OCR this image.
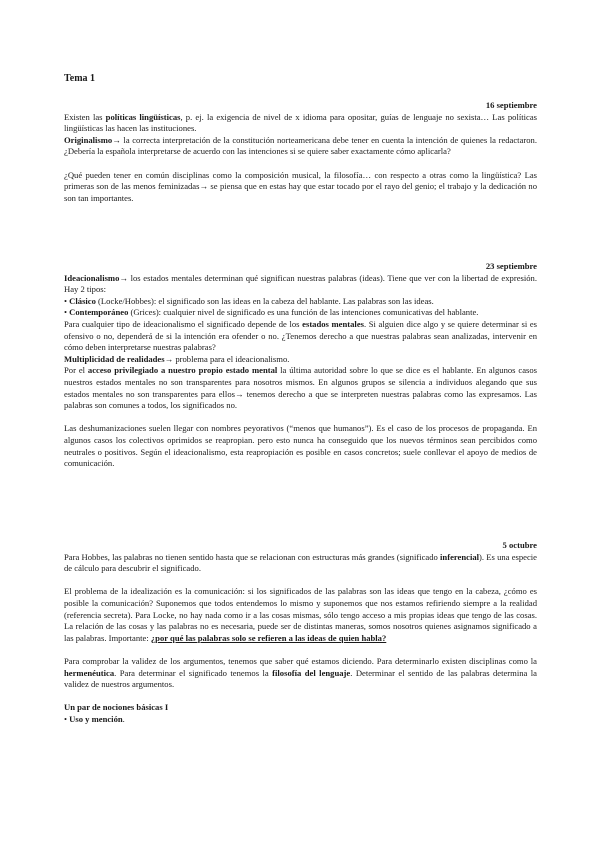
Tema 1

16 septiembre

Existen las políticas lingüísticas, p. ej. la exigencia de nivel de x idioma para opositar, guías de lenguaje no sexista… Las políticas lingüísticas las hacen las instituciones.

Originalismo→ la correcta interpretación de la constitución norteamericana debe tener en cuenta la intención de quienes la redactaron. ¿Debería la española interpretarse de acuerdo con las intenciones si se quiere saber exactamente cómo aplicarla?

¿Qué pueden tener en común disciplinas como la composición musical, la filosofía… con respecto a otras como la lingüística? Las primeras son de las menos feminizadas→ se piensa que en estas hay que estar tocado por el rayo del genio; el trabajo y la dedicación no son tan importantes.

23 septiembre

Ideacionalismo→ los estados mentales determinan qué significan nuestras palabras (ideas). Tiene que ver con la libertad de expresión. Hay 2 tipos:

• Clásico (Locke/Hobbes): el significado son las ideas en la cabeza del hablante. Las palabras son las ideas.

• Contemporáneo (Grices): cualquier nivel de significado es una función de las intenciones comunicativas del hablante.

Para cualquier tipo de ideacionalismo el significado depende de los estados mentales. Si alguien dice algo y se quiere determinar si es ofensivo o no, dependerá de si la intención era ofender o no. ¿Tenemos derecho a que nuestras palabras sean analizadas, intervenir en cómo deben interpretarse nuestras palabras?

Multiplicidad de realidades→ problema para el ideacionalismo.

Por el acceso privilegiado a nuestro propio estado mental la última autoridad sobre lo que se dice es el hablante. En algunos casos nuestros estados mentales no son transparentes para nosotros mismos. En algunos grupos se silencia a individuos alegando que sus estados mentales no son transparentes para ellos→ tenemos derecho a que se interpreten nuestras palabras como las expresamos. Las palabras son comunes a todos, los significados no.

Las deshumanizaciones suelen llegar con nombres peyorativos (“menos que humanos”). Es el caso de los procesos de propaganda. En algunos casos los colectivos oprimidos se reapropian. pero esto nunca ha conseguido que los nuevos términos sean percibidos como neutrales o positivos. Según el ideacionalismo, esta reapropiación es posible en casos concretos; suele conllevar el apoyo de medios de comunicación.

5 octubre

Para Hobbes, las palabras no tienen sentido hasta que se relacionan con estructuras más grandes (significado inferencial). Es una especie de cálculo para descubrir el significado.

El problema de la idealización es la comunicación: si los significados de las palabras son las ideas que tengo en la cabeza, ¿cómo es posible la comunicación? Suponemos que todos entendemos lo mismo y suponemos que nos estamos refiriendo siempre a la realidad (referencia secreta). Para Locke, no hay nada como ir a las cosas mismas, sólo tengo acceso a mis propias ideas que tengo de las cosas. La relación de las cosas y las palabras no es necesaria, puede ser de distintas maneras, somos nosotros quienes asignamos significado a las palabras. Importante: ¿por qué las palabras solo se refieren a las ideas de quien habla?

Para comprobar la validez de los argumentos, tenemos que saber qué estamos diciendo. Para determinarlo existen disciplinas como la hermenéutica. Para determinar el significado tenemos la filosofía del lenguaje. Determinar el sentido de las palabras determina la validez de nuestros argumentos.

Un par de nociones básicas I

• Uso y mención.
